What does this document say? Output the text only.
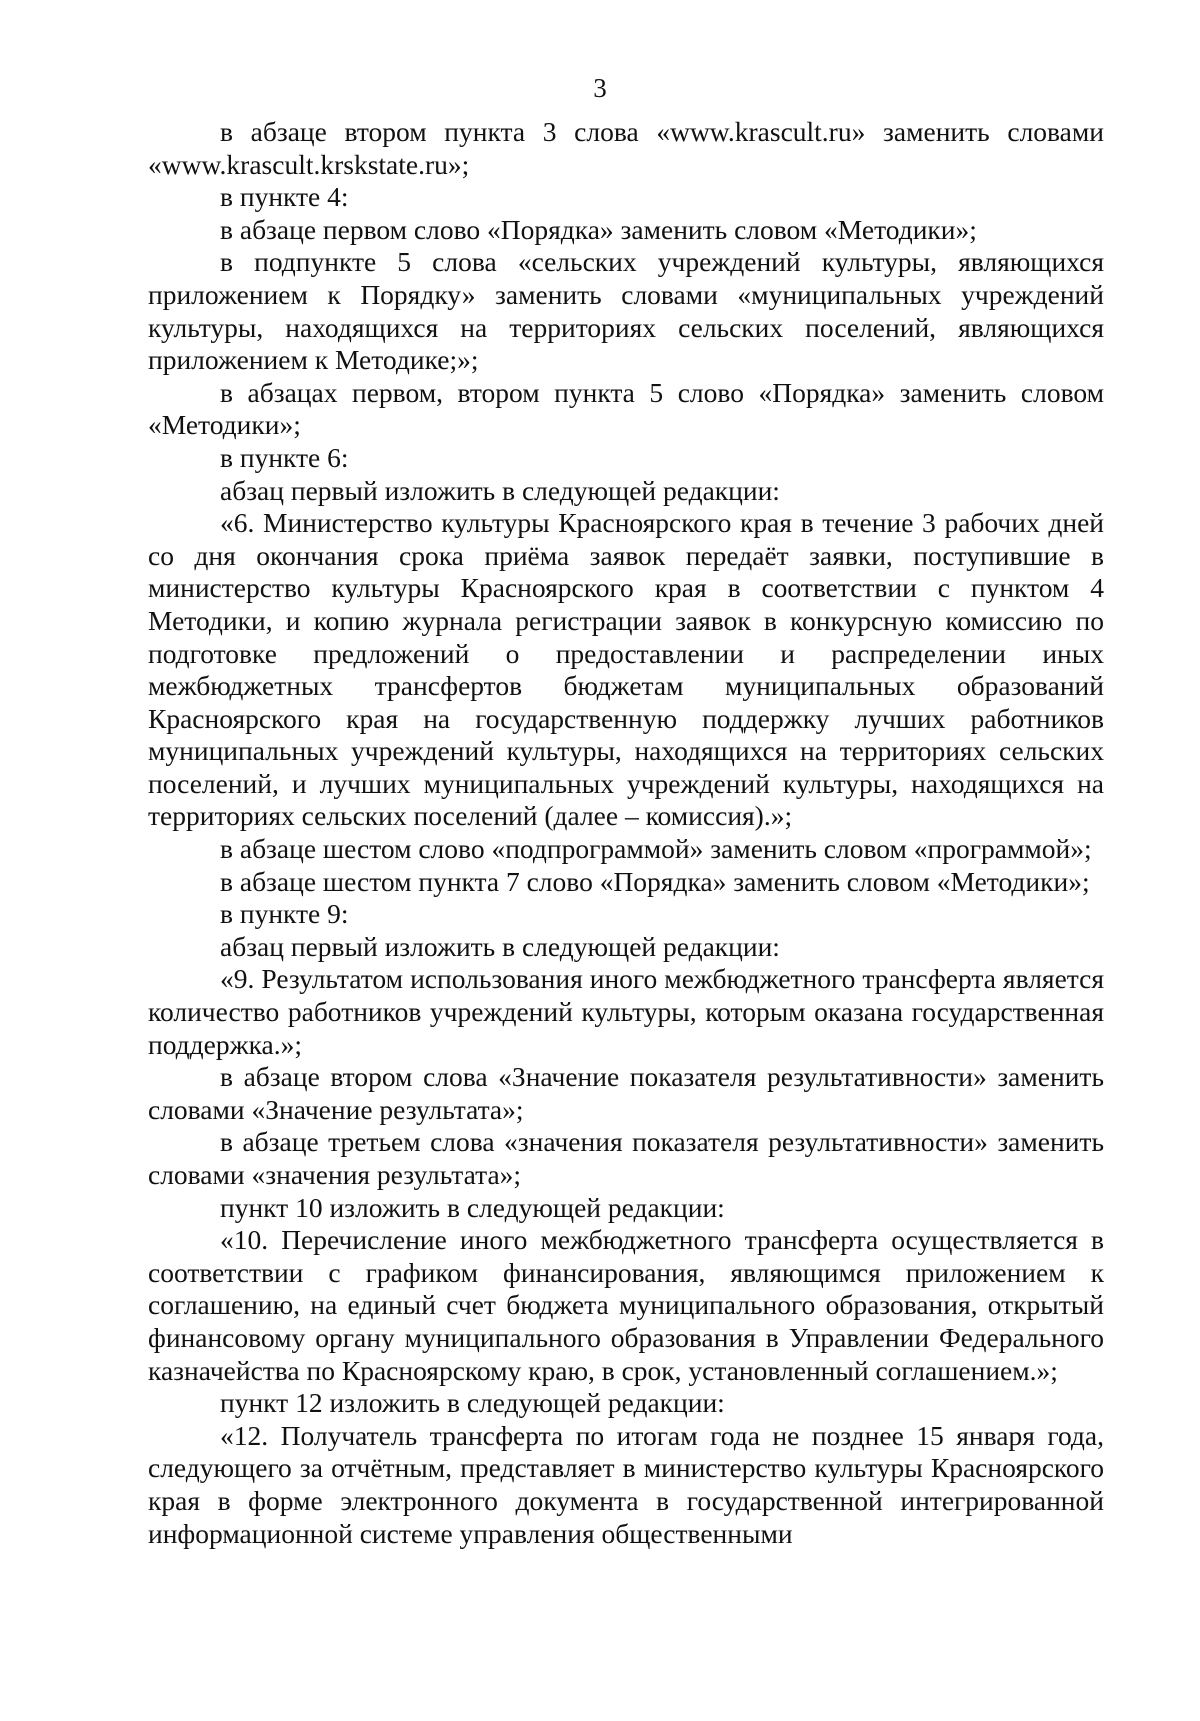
3

в абзаце втором пункта 3 слова «www.krascult.ru» заменить словами «www.krascult.krskstate.ru»;

в пункте 4:

в абзаце первом слово «Порядка» заменить словом «Методики»;

в подпункте 5 слова «сельских учреждений культуры, являющихся приложением к Порядку» заменить словами «муниципальных учреждений культуры, находящихся на территориях сельских поселений, являющихся приложением к Методике;»;

в абзацах первом, втором пункта 5 слово «Порядка» заменить словом «Методики»;

в пункте 6:

абзац первый изложить в следующей редакции:

«6. Министерство культуры Красноярского края в течение 3 рабочих дней со дня окончания срока приёма заявок передаёт заявки, поступившие в министерство культуры Красноярского края в соответствии с пунктом 4 Методики, и копию журнала регистрации заявок в конкурсную комиссию по подготовке предложений о предоставлении и распределении иных межбюджетных трансфертов бюджетам муниципальных образований Красноярского края на государственную поддержку лучших работников муниципальных учреждений культуры, находящихся на территориях сельских поселений, и лучших муниципальных учреждений культуры, находящихся на территориях сельских поселений (далее – комиссия).»;

в абзаце шестом слово «подпрограммой» заменить словом «программой»;

в абзаце шестом пункта 7 слово «Порядка» заменить словом «Методики»;

в пункте 9:

абзац первый изложить в следующей редакции:

«9. Результатом использования иного межбюджетного трансферта является количество работников учреждений культуры, которым оказана государственная поддержка.»;

в абзаце втором слова «Значение показателя результативности» заменить словами «Значение результата»;

в абзаце третьем слова «значения показателя результативности» заменить словами «значения результата»;

пункт 10 изложить в следующей редакции:

«10. Перечисление иного межбюджетного трансферта осуществляется в соответствии с графиком финансирования, являющимся приложением к соглашению, на единый счет бюджета муниципального образования, открытый финансовому органу муниципального образования в Управлении Федерального казначейства по Красноярскому краю, в срок, установленный соглашением.»;

пункт 12 изложить в следующей редакции:

«12. Получатель трансферта по итогам года не позднее 15 января года, следующего за отчётным, представляет в министерство культуры Красноярского края в форме электронного документа в государственной интегрированной информационной системе управления общественными
